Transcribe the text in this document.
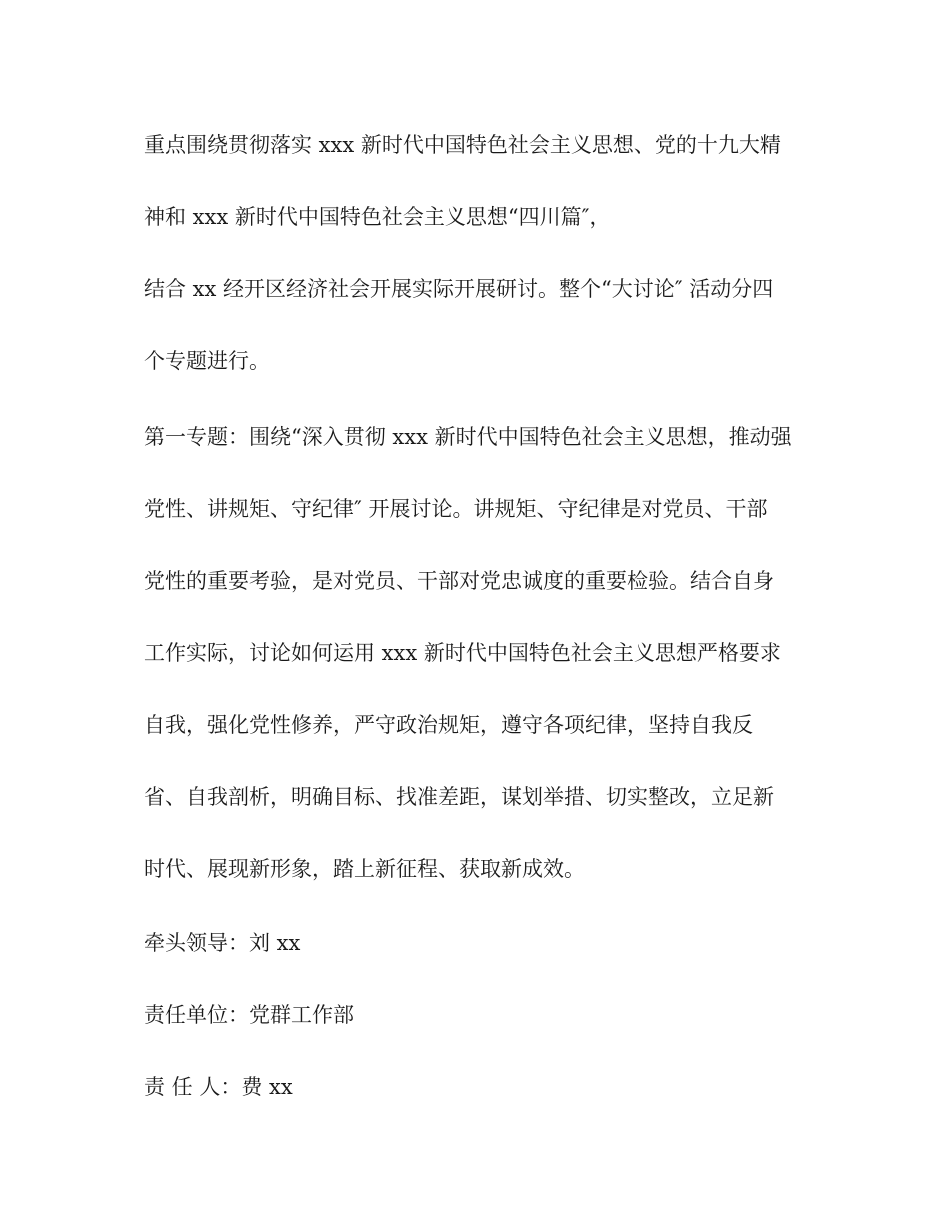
重点围绕贯彻落实 xxx 新时代中国特色社会主义思想、党的十九大精
神和 xxx 新时代中国特色社会主义思想“四川篇″，
结合 xx 经开区经济社会开展实际开展研讨。整个“大讨论″ 活动分四
个专题进行。
第一专题：围绕“深入贯彻 xxx 新时代中国特色社会主义思想，推动强
党性、讲规矩、守纪律″ 开展讨论。讲规矩、守纪律是对党员、干部
党性的重要考验，是对党员、干部对党忠诚度的重要检验。结合自身
工作实际，讨论如何运用 xxx 新时代中国特色社会主义思想严格要求
自我，强化党性修养，严守政治规矩，遵守各项纪律，坚持自我反
省、自我剖析，明确目标、找准差距，谋划举措、切实整改，立足新
时代、展现新形象，踏上新征程、获取新成效。
牵头领导：刘 xx
责任单位：党群工作部
责 任 人：费 xx
